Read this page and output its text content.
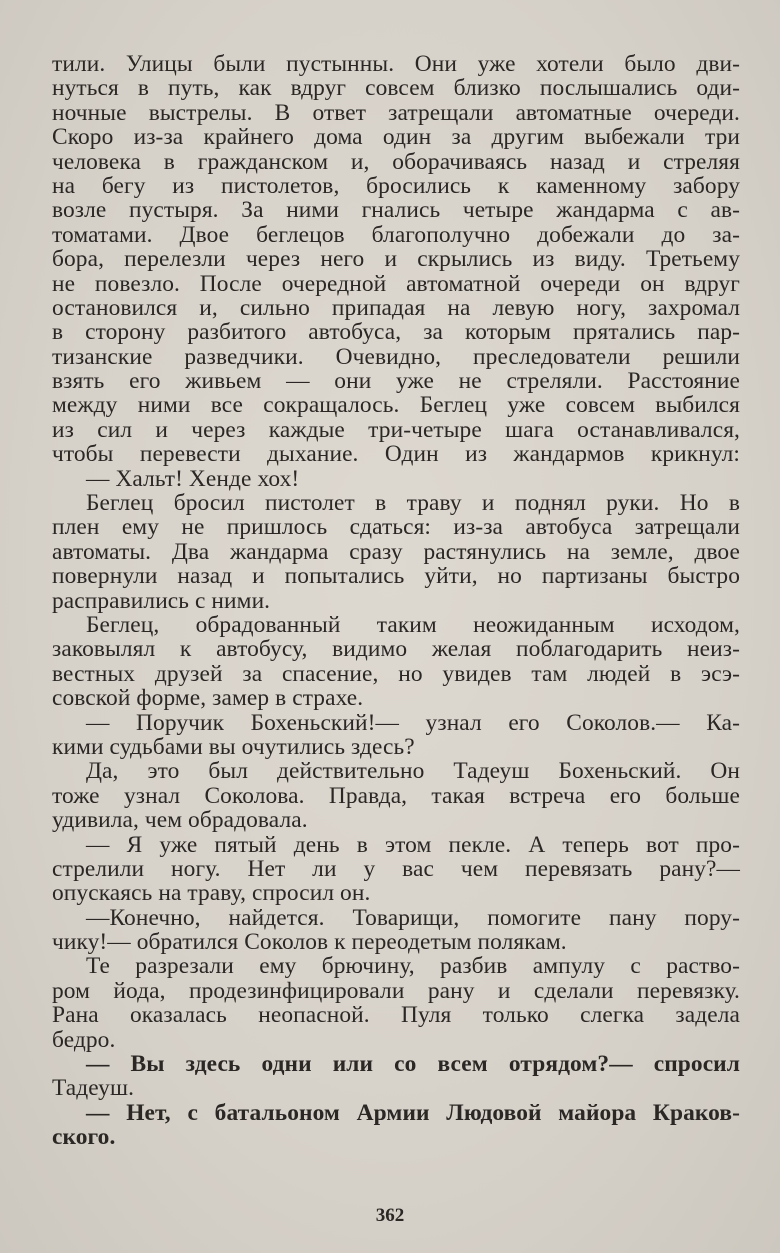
тили. Улицы были пустынны. Они уже хотели было дви-
нуться в путь, как вдруг совсем близко послышались оди-
ночные выстрелы. В ответ затрещали автоматные очереди.
Скоро из-за крайнего дома один за другим выбежали три
человека в гражданском и, оборачиваясь назад и стреляя
на бегу из пистолетов, бросились к каменному забору
возле пустыря. За ними гнались четыре жандарма с ав-
томатами. Двое беглецов благополучно добежали до за-
бора, перелезли через него и скрылись из виду. Третьему
не повезло. После очередной автоматной очереди он вдруг
остановился и, сильно припадая на левую ногу, захромал
в сторону разбитого автобуса, за которым прятались пар-
тизанские разведчики. Очевидно, преследователи решили
взять его живьем — они уже не стреляли. Расстояние
между ними все сокращалось. Беглец уже совсем выбился
из сил и через каждые три-четыре шага останавливался,
чтобы перевести дыхание. Один из жандармов крикнул:
— Хальт! Хенде хох!
Беглец бросил пистолет в траву и поднял руки. Но в
плен ему не пришлось сдаться: из-за автобуса затрещали
автоматы. Два жандарма сразу растянулись на земле, двое
повернули назад и попытались уйти, но партизаны быстро
расправились с ними.
Беглец, обрадованный таким неожиданным исходом,
заковылял к автобусу, видимо желая поблагодарить неиз-
вестных друзей за спасение, но увидев там людей в эсэ-
совской форме, замер в страхе.
— Поручик Бохеньский!— узнал его Соколов.— Ка-
кими судьбами вы очутились здесь?
Да, это был действительно Тадеуш Бохеньский. Он
тоже узнал Соколова. Правда, такая встреча его больше
удивила, чем обрадовала.
— Я уже пятый день в этом пекле. А теперь вот про-
стрелили ногу. Нет ли у вас чем перевязать рану?—
опускаясь на траву, спросил он.
—Конечно, найдется. Товарищи, помогите пану пору-
чику!— обратился Соколов к переодетым полякам.
Те разрезали ему брючину, разбив ампулу с раство-
ром йода, продезинфицировали рану и сделали перевязку.
Рана оказалась неопасной. Пуля только слегка задела
бедро.
— Вы здесь одни или со всем отрядом?— спросил
Тадеуш.
— Нет, с батальоном Армии Людовой майора Краков-
ского.
362
